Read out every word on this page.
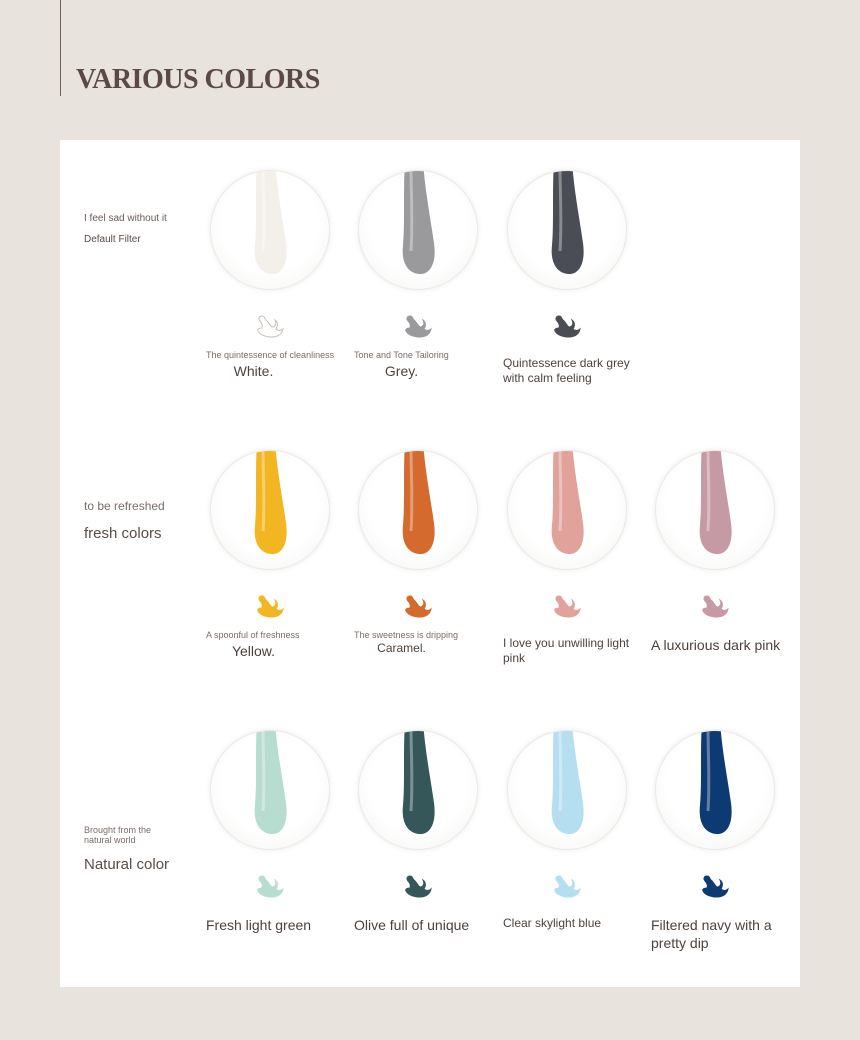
VARIOUS COLORS
I feel sad without it
Default Filter
The quintessence of cleanliness
White.
Tone and Tone Tailoring
Grey.	Quintessence dark grey with calm feeling
to be refreshed
fresh colors
A spoonful of freshness
Yellow.
The sweetness is dripping
Caramel.	I love you unwilling light pink
A luxurious dark pink
Brought from the natural world
Natural color
Fresh light green	Olive full of unique	Clear skylight blue	Filtered navy with a pretty dip
